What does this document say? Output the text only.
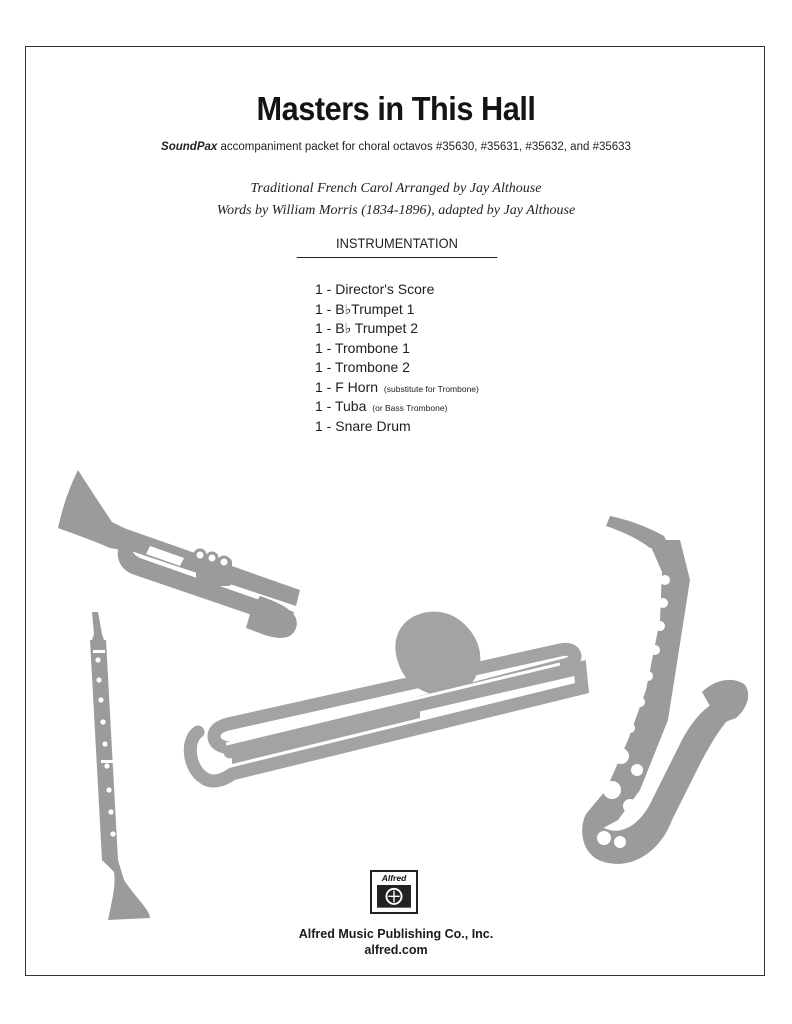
Masters in This Hall
SoundPax accompaniment packet for choral octavos #35630, #35631, #35632, and #35633
Traditional French Carol Arranged by Jay Althouse
Words by William Morris (1834-1896), adapted by Jay Althouse
INSTRUMENTATION
1 - Director's Score
1 - B♭Trumpet 1
1 - B♭ Trumpet 2
1 - Trombone 1
1 - Trombone 2
1 - F Horn (substitute for Trombone)
1 - Tuba (or Bass Trombone)
1 - Snare Drum
Alfred
Alfred Music Publishing Co., Inc.
alfred.com
